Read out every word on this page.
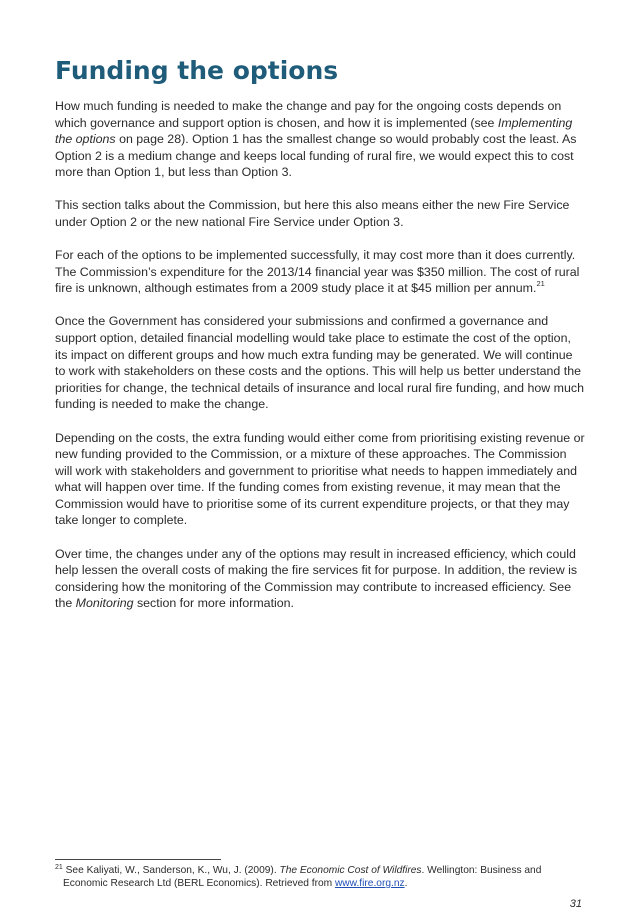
Funding the options

How much funding is needed to make the change and pay for the ongoing costs depends on which governance and support option is chosen, and how it is implemented (see Implementing the options on page 28). Option 1 has the smallest change so would probably cost the least. As Option 2 is a medium change and keeps local funding of rural fire, we would expect this to cost more than Option 1, but less than Option 3.

This section talks about the Commission, but here this also means either the new Fire Service under Option 2 or the new national Fire Service under Option 3.

For each of the options to be implemented successfully, it may cost more than it does currently. The Commission’s expenditure for the 2013/14 financial year was $350 million. The cost of rural fire is unknown, although estimates from a 2009 study place it at $45 million per annum.$^{21}$

Once the Government has considered your submissions and confirmed a governance and support option, detailed financial modelling would take place to estimate the cost of the option, its impact on different groups and how much extra funding may be generated. We will continue to work with stakeholders on these costs and the options. This will help us better understand the priorities for change, the technical details of insurance and local rural fire funding, and how much funding is needed to make the change.

Depending on the costs, the extra funding would either come from prioritising existing revenue or new funding provided to the Commission, or a mixture of these approaches. The Commission will work with stakeholders and government to prioritise what needs to happen immediately and what will happen over time. If the funding comes from existing revenue, it may mean that the Commission would have to prioritise some of its current expenditure projects, or that they may take longer to complete.

Over time, the changes under any of the options may result in increased efficiency, which could help lessen the overall costs of making the fire services fit for purpose. In addition, the review is considering how the monitoring of the Commission may contribute to increased efficiency. See the Monitoring section for more information.

$^{21}$ See Kaliyati, W., Sanderson, K., Wu, J. (2009). The Economic Cost of Wildfires. Wellington: Business and
Economic Research Ltd (BERL Economics). Retrieved from www.fire.org.nz.
31
